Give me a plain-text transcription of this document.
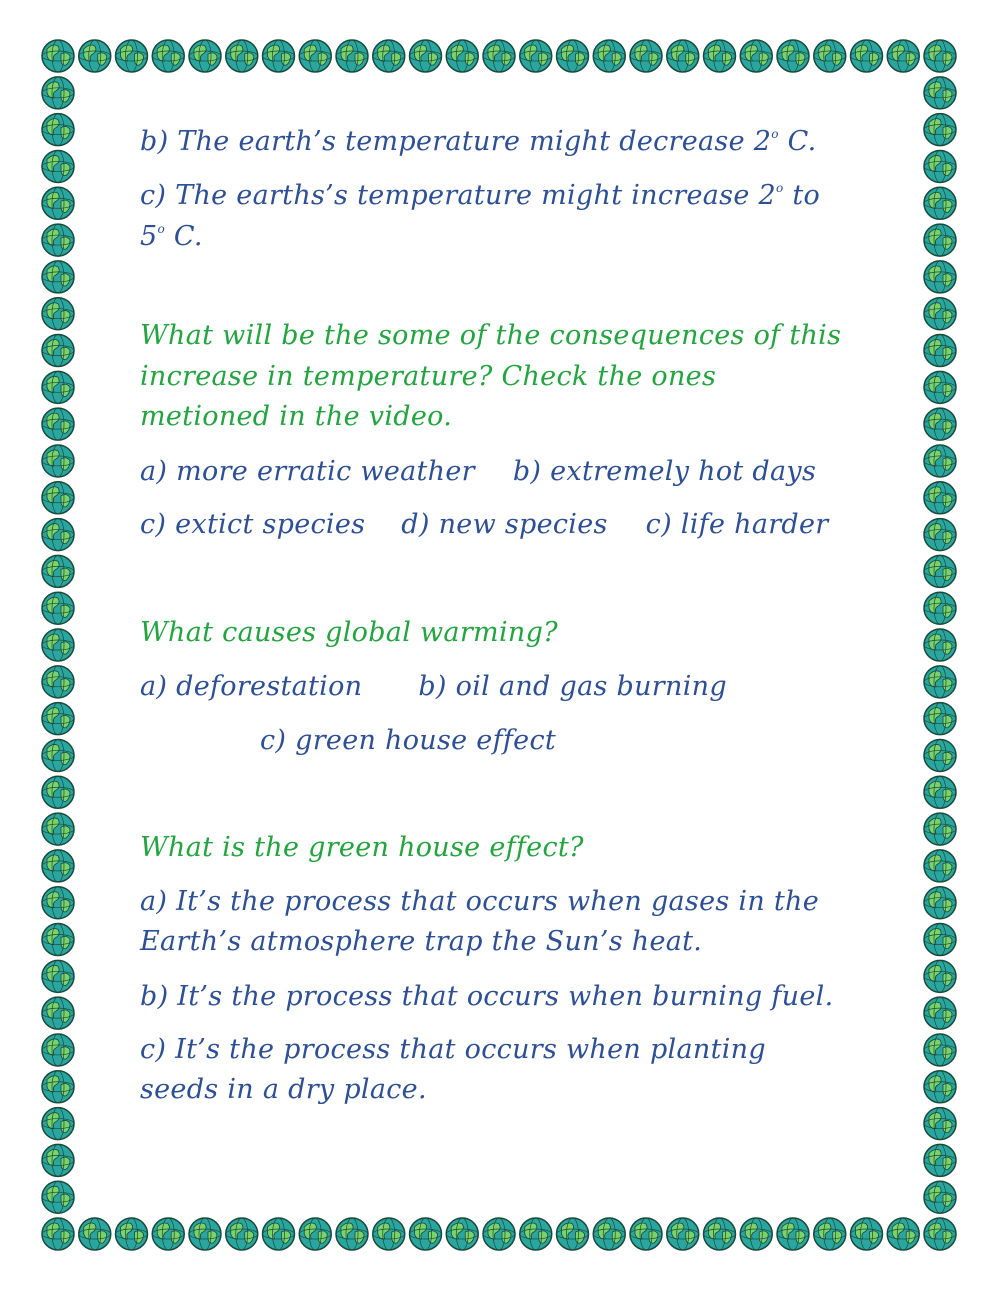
b) The earth’s temperature might decrease 2$^o$ C.
c) The earths’s temperature might increase 2$^o$ to
5$^o$ C.
What will be the some of the consequences of this
increase in temperature? Check the ones
metioned in the video.
a) more erratic weather b) extremely hot days
c) extict species d) new species c) life harder
What causes global warming?
a) deforestation b) oil and gas burning
c) green house effect
What is the green house effect?
a) It’s the process that occurs when gases in the
Earth’s atmosphere trap the Sun’s heat.
b) It’s the process that occurs when burning fuel.
c) It’s the process that occurs when planting
seeds in a dry place.
